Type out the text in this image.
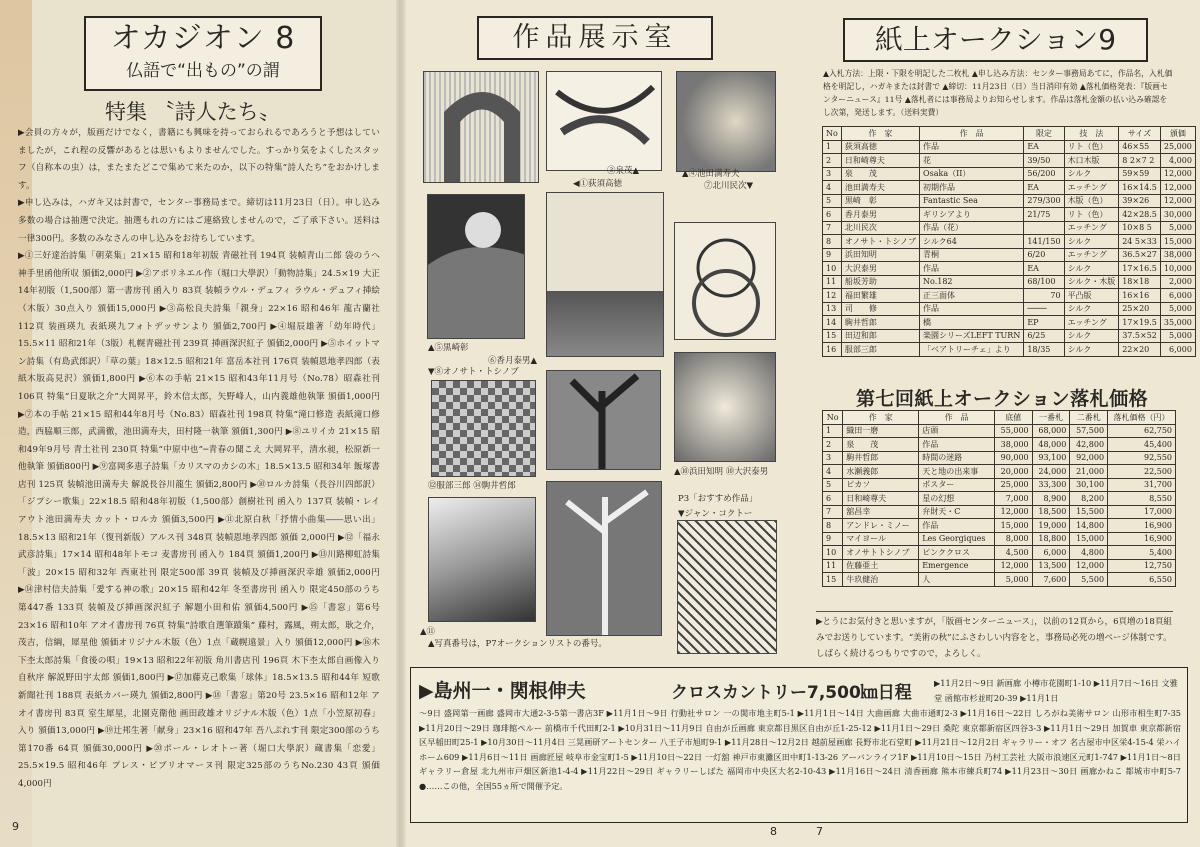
オカジオン 8
仏語で“出もの”の謂
特集 〝詩人たち〟

▶会員の方々が，版画だけでなく，書籍にも興味を持っておられるであろうと予想はしていましたが，これ程の反響があるとは思いもよりませんでした。すっかり気をよくしたスタッフ（自称本の虫）は，またまたどこで集めて来たのか，以下の特集“詩人たち”をおかけします。

▶申し込みは，ハガキ又は封書で，センター事務局まで。締切は11月23日（日）。申し込み多数の場合は抽選で決定。抽選もれの方にはご連絡致しませんので，ご了承下さい。送料は一律300円。多数のみなさんの申し込みをお待ちしています。

▶①三好達治詩集「朝菜集」21×15 昭和18年初版 青磁社刊 194頁 装幀青山二郎 袋のうへ 神手里函他所収 頒価2,000円 ▶②アポリネエル作（堀口大學訳）「動物詩集」24.5×19 大正14年初版（1,500部）第一書房刊 函入り 83頁 装幀ラウル・デュフィ ラウル・デュフィ挿絵（木版）30点入り 頒価15,000円 ▶③高松良夫詩集「親身」22×16 昭和46年 龍古蘭社 112頁 装画瑛九 表紙瑛九フォトデッサンより 頒価2,700円 ▶④堀辰雄著「幼年時代」15.5×11 昭和21年（3版）札幌青磁社刊 239頁 挿画深沢紅子 頒価2,000円 ▶⑤ホイットマン詩集（有島武郎訳）「草の葉」18×12.5 昭和21年 富岳本社刊 176頁 装幀恩地孝四郎（表紙木版高見沢）頒価1,800円 ▶⑥本の手帖 21×15 昭和43年11月号（No.78）昭森社刊 106頁 特集“日夏耿之介”大岡昇平，鈴木信太郎，矢野峰人，山内義雄他執筆 頒価1,000円 ▶⑦本の手帖 21×15 昭和44年8月号（No.83）昭森社刊 198頁 特集“滝口修造 表紙滝口修造，西脇順三郎，武満徹，池田満寿夫，田村隆一執筆 頒価1,300円 ▶⑧ユリイカ 21×15 昭和49年9月号 青土社刊 230頁 特集“中原中也”─青春の聞こえ 大岡昇平，清水昶，松原新一他執筆 頒価800円 ▶⑨富岡多恵子詩集「カリスマのカシの木」18.5×13.5 昭和34年 飯塚書店刊 125頁 装幀池田満寿夫 解説長谷川龍生 頒価2,800円 ▶⑩ロルカ詩集（長谷川四郎訳）「ジプシー歌集」22×18.5 昭和48年初版（1,500部）創樹社刊 函入り 137頁 装幀・レイアウト池田満寿夫 カット・ロルカ 頒価3,500円 ▶⑪北原白秋「抒情小曲集――思い出」18.5×13 昭和21年（復刊新版）アルス刊 348頁 装幀恩地孝四郎 頒価 2,000円 ▶⑫「福永武彦詩集」17×14 昭和48年トモコ 麦書房刊 函入り 184頁 頒価1,200円 ▶⑬川路柳虹詩集「波」20×15 昭和32年 西東社刊 限定500部 39頁 装幀及び挿画深沢幸雄 頒価2,000円 ▶⑭津村信夫詩集「愛する神の歌」20×15 昭和42年 冬至書房刊 函入り 限定450部のうち第447番 133頁 装幀及び挿画深沢紅子 解題小田和佑 頒価4,500円 ▶⑮「書窓」第6号 23×16 昭和10年 アオイ書房刊 76頁 特集“詩歌自選筆蹟集” 藤村，露風，朔太郎，耿之介，茂吉，信綱，犀星他 頒価オリジナル木版（色）1点「蔵幌遠景」入り 頒価12,000円 ▶⑯木下杢太郎詩集「食後の唄」19×13 昭和22年初版 角川書店刊 196頁 木下杢太郎自画像入り自秋序 解説野田宇太郎 頒価1,800円 ▶⑰加藤克己歌集「球体」18.5×13.5 昭和44年 短歌新聞社刊 188頁 表紙カバー瑛九 頒価2,800円 ▶⑱「書窓」第20号 23.5×16 昭和12年 アオイ書房刊 83頁 室生犀星，北園克衛他 画田政雄オリジナル木版（色）1点「小笠原初春」入り 頒価13,000円 ▶⑲辻邦生著「献身」23×16 昭和47年 吾八ぷれす刊 限定300部のうち第170番 64頁 頒価30,000円 ▶⑳ポール・レオトー著（堀口大學訳）蔵書集「恋愛」25.5×19.5 昭和46年 プレス・ビブリオマーヌ刊 限定325部のうちNo.230 43頁 頒価4,000円

9
作品展示室
◀①荻須高徳
③泉茂▲	▲④池田満寿夫
⑦北川民次▼
▲⑤黒崎彰
⑥香月泰男▲
▼⑧オノサト・トシノブ
▲⑩浜田知明 ⑩大沢泰男
⑫服部三郎 ⑭駒井哲郎
P3「おすすめ作品」
▼ジャン・コクトー
▲⑪
▲写真番号は，P7オークションリストの番号。
紙上オークション9
▲入札方法：上限・下限を明記した二枚札 ▲申し込み方法：センター事務局あてに，作品名，入札価格を明記し，ハガキまたは封書で ▲締切：11月23日（日）当日消印有効 ▲落札価格発表：『版画センターニュース』11号 ▲落札者には事務局よりお知らせします。作品は落札金額の払い込み確認をし次第，発送します。（送料実費）
No	作　家	作　品	限定	技　法	サイズ	頒価
1	荻須高徳	作品	EA	リト（色）	46×55	25,000
2	日和崎尊夫	花	39/50	木口木版	8 2×7 2	4,000
3	泉　　茂	Osaka（II）	56/200	シルク	59×59	12,000
4	池田満寿夫	初期作品	EA	エッチング	16×14.5	12,000
5	黒崎　彰	Fantastic Sea	279/300	木版（色）	39×26	12,000
6	香月泰男	ギリシアより	21/75	リト（色）	42×28.5	30,000
7	北川民次	作品（花）		エッチング	10×8 5	5,000
8	オノサト・トシノブ	シルク64	141/150	シルク	24 5×33	15,000
9	浜田知明	青桐	6/20	エッチング	36.5×27	38,000
10	大沢泰男	作品	EA	シルク	17×16.5	10,000
11	船坂芳助	No.182	68/100	シルク・木版	18×18	2,000
12	福田繁雄	正三面体	70	平凸版	16×16	6,000
13	司　　修	作品	────	シルク	25×20	5,000
14	駒井哲郎	橋	EP	エッチング	17×19.5	35,000
15	田辺和郎	楽園シリーズLEFT TURN	6/25	シルク	37.5×52	5,000
16	服部三郎	「ベアトリーチェ」より	18/35	シルク	22×20	6,000
第七回紙上オークション落札価格
No	作　家	作　品	底値	一番札	二番札	落札価格（円）
1	織田一磨	店頭	55,000	68,000	57,500	62,750
2	泉　　茂	作品	38,000	48,000	42,800	45,400
3	駒井哲郎	時間の迷路	90,000	93,100	92,000	92,550
4	水瀬義郎	天と地の出来事	20,000	24,000	21,000	22,500
5	ピカソ	ポスター	25,000	33,300	30,100	31,700
6	日和崎尊夫	星の幻想	7,000	8,900	8,200	8,550
7	舘昌幸	弁財天・C	12,000	18,500	15,500	17,000
8	アンドレ・ミノー	作品	15,000	19,000	14,800	16,900
9	マイヨール	Les Georgiques	8,000	18,800	15,000	16,900
10	オノサトトシノブ	ピンククロス	4,500	6,000	4,800	5,400
11	佐藤亜土	Emergence	12,000	13,500	12,000	12,750
15	牛玖健治	人	5,000	7,600	5,500	6,550
▶とうにお気付きと思いますが，「版画センターニュース」，以前の12頁から，6頁増の18頁組みでお送りしています。“美術の秋”にふさわしい内容をと，事務局必死の増ページ体制です。しばらく続けるつもりですので，よろしく。
▶島州一・関根伸夫	クロスカントリー7,500㎞日程	▶11月2日〜9日 新画廊 小樽市花園町1-10 ▶11月7日〜16日 文雅堂 函館市杉並町20-39 ▶11月1日
〜9日 盛岡第一画廊 盛岡市大通2-3-5第一書店3F ▶11月1日〜9日 行動社サロン 一の関市地主町5-1 ▶11月1日〜14日 大曲画廊 大曲市通町2-3 ▶11月16日〜22日 しろがね美術サロン 山形市相生町7-35 ▶11月20日〜29日 珈琲館ペルー 前橋市千代田町2-1 ▶10月31日〜11月9日 自由が丘画廊 東京都目黒区自由が丘1-25-12 ▶11月1日〜29日 桑陀 東京都新宿区四谷3-3 ▶11月1日〜29日 加賀車 東京都新宿区早稲田町25-1 ▶10月30日〜11月4日 三晃画研アートセンター 八王子市旭町9-1 ▶11月28日〜12月2日 越前屋画廊 長野市北石堂町 ▶11月21日〜12月2日 ギャラリー・オフ 名古屋市中区栄4-15-4 栄ハイホーム609 ▶11月6日〜11日 画廊匠屋 岐阜市金宝町1-5 ▶11月10日〜22日 一灯舘 神戸市東灘区田中町1-13-26 アーバンライフ1F ▶11月10日〜15日 乃村工芸社 大阪市浪速区元町1-747 ▶11月1日〜8日 ギャラリー倉屋 北九州市戸畑区新池1-4-4 ▶11月22日〜29日 ギャラリーしばた 福岡市中央区大名2-10-43 ▶11月16日〜24日 清香画廊 熊本市練兵町74 ▶11月23日〜30日 画廊かねこ 都城市中町5-7 ●……この他，全国55ヵ所で開催予定。
8	7
